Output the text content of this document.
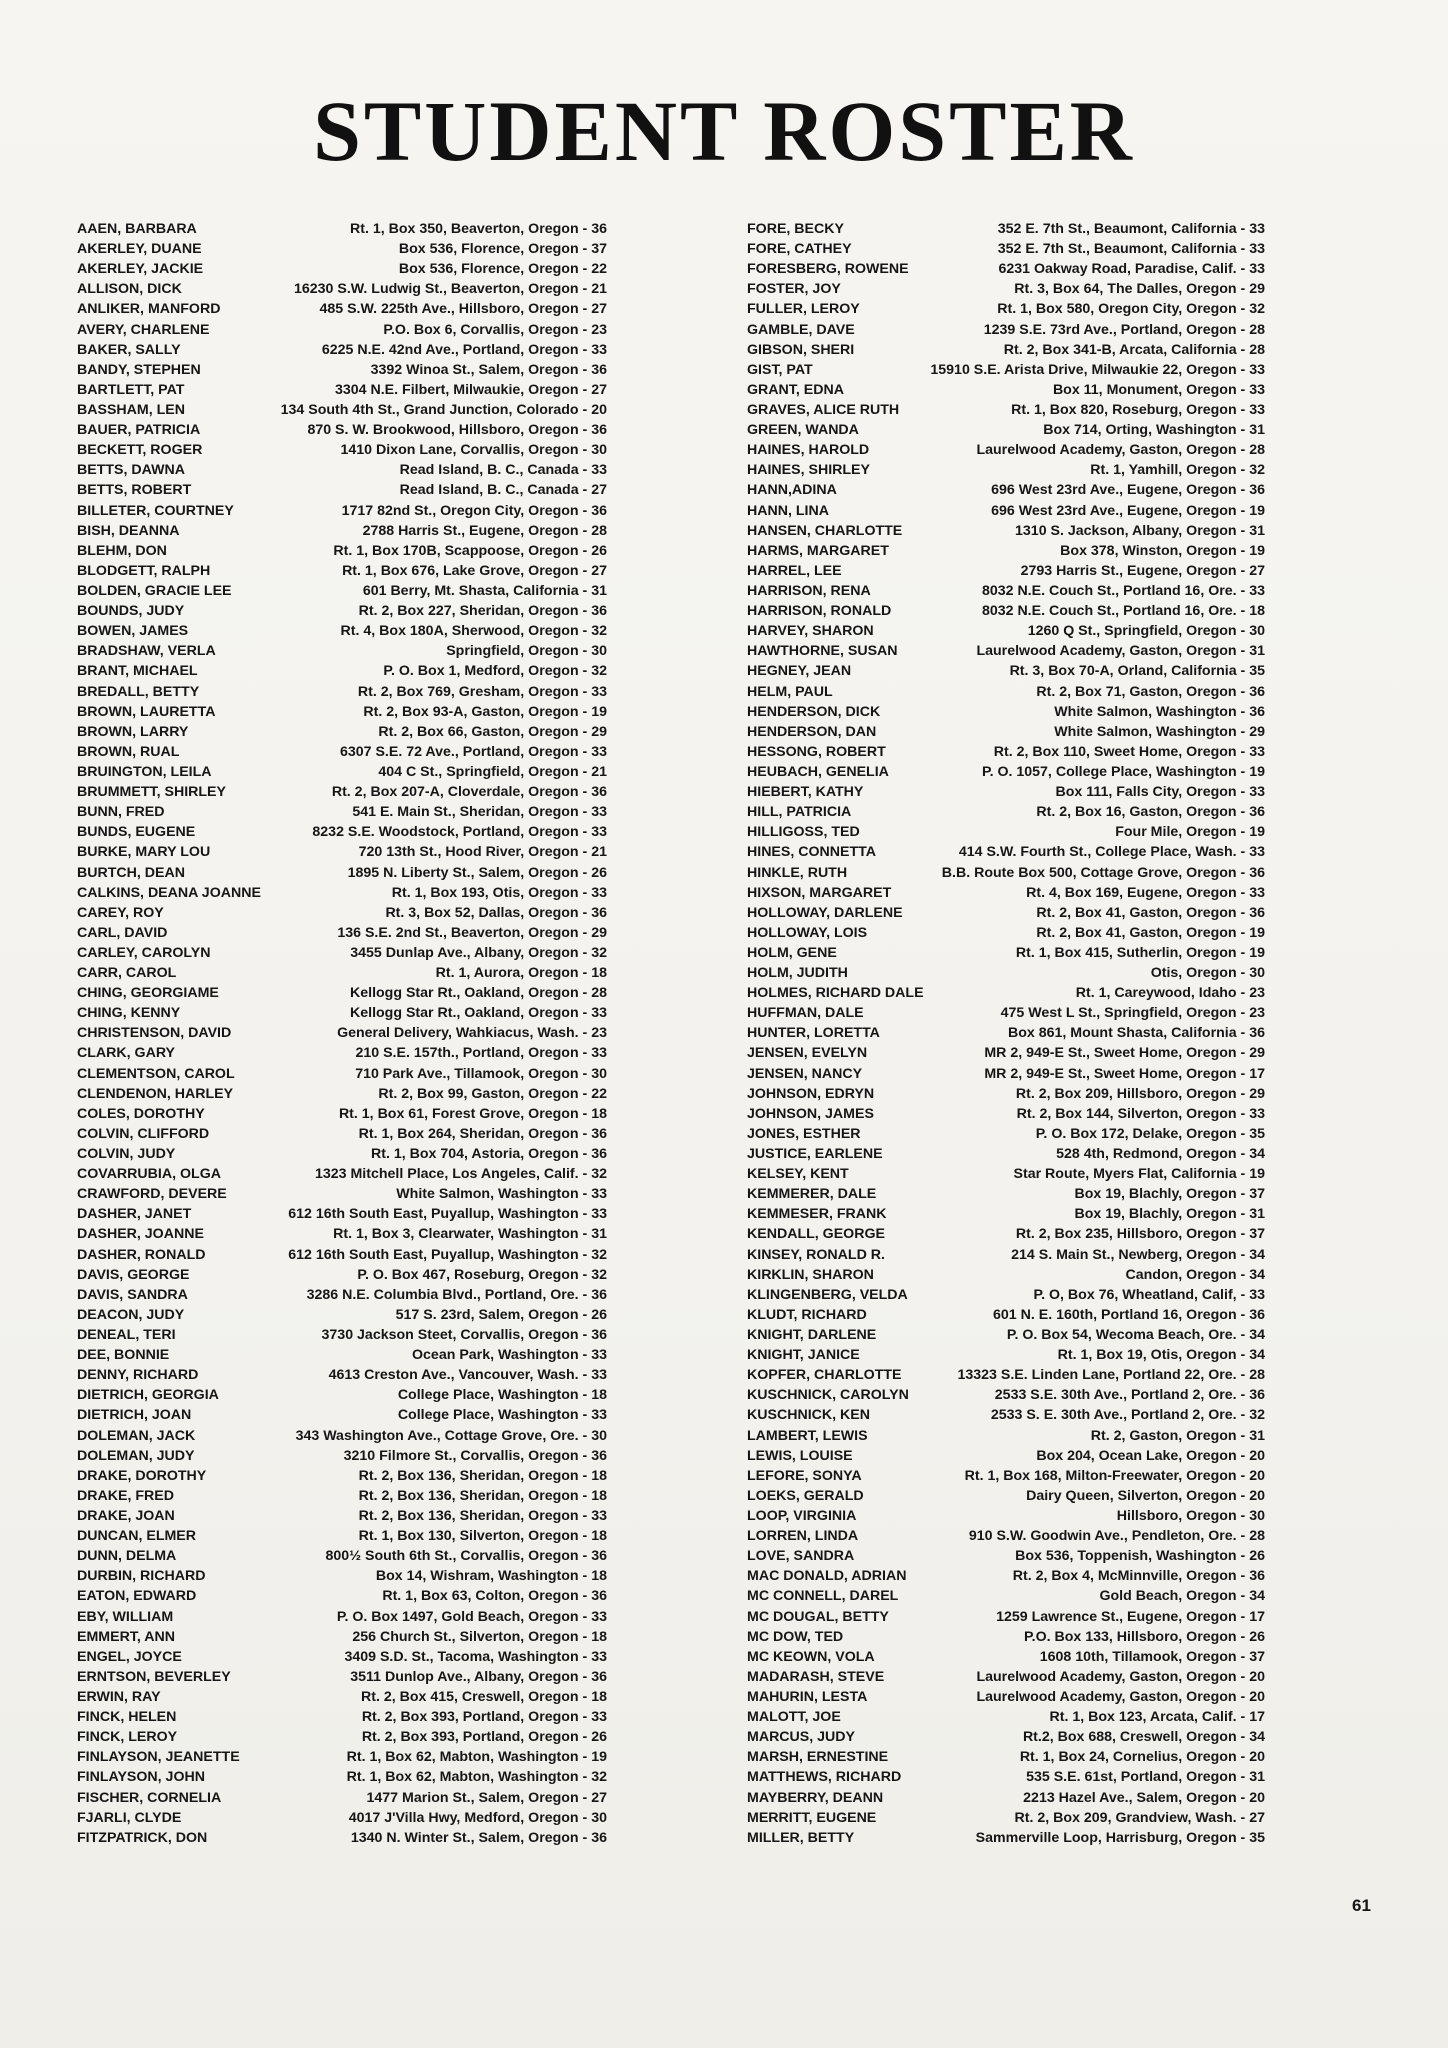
STUDENT ROSTER
AAEN, BARBARA	Rt. 1, Box 350, Beaverton, Oregon - 36
AKERLEY, DUANE	Box 536, Florence, Oregon - 37
AKERLEY, JACKIE	Box 536, Florence, Oregon - 22
ALLISON, DICK	16230 S.W. Ludwig St., Beaverton, Oregon - 21
ANLIKER, MANFORD	485 S.W. 225th Ave., Hillsboro, Oregon - 27
AVERY, CHARLENE	P.O. Box 6, Corvallis, Oregon - 23
BAKER, SALLY	6225 N.E. 42nd Ave., Portland, Oregon - 33
BANDY, STEPHEN	3392 Winoa St., Salem, Oregon - 36
BARTLETT, PAT	3304 N.E. Filbert, Milwaukie, Oregon - 27
BASSHAM, LEN	134 South 4th St., Grand Junction, Colorado - 20
BAUER, PATRICIA	870 S. W. Brookwood, Hillsboro, Oregon - 36
BECKETT, ROGER	1410 Dixon Lane, Corvallis, Oregon - 30
BETTS, DAWNA	Read Island, B. C., Canada - 33
BETTS, ROBERT	Read Island, B. C., Canada - 27
BILLETER, COURTNEY	1717 82nd St., Oregon City, Oregon - 36
BISH, DEANNA	2788 Harris St., Eugene, Oregon - 28
BLEHM, DON	Rt. 1, Box 170B, Scappoose, Oregon - 26
BLODGETT, RALPH	Rt. 1, Box 676, Lake Grove, Oregon - 27
BOLDEN, GRACIE LEE	601 Berry, Mt. Shasta, California - 31
BOUNDS, JUDY	Rt. 2, Box 227, Sheridan, Oregon - 36
BOWEN, JAMES	Rt. 4, Box 180A, Sherwood, Oregon - 32
BRADSHAW, VERLA	Springfield, Oregon - 30
BRANT, MICHAEL	P. O. Box 1, Medford, Oregon - 32
BREDALL, BETTY	Rt. 2, Box 769, Gresham, Oregon - 33
BROWN, LAURETTA	Rt. 2, Box 93-A, Gaston, Oregon - 19
BROWN, LARRY	Rt. 2, Box 66, Gaston, Oregon - 29
BROWN, RUAL	6307 S.E. 72 Ave., Portland, Oregon - 33
BRUINGTON, LEILA	404 C St., Springfield, Oregon - 21
BRUMMETT, SHIRLEY	Rt. 2, Box 207-A, Cloverdale, Oregon - 36
BUNN, FRED	541 E. Main St., Sheridan, Oregon - 33
BUNDS, EUGENE	8232 S.E. Woodstock, Portland, Oregon - 33
BURKE, MARY LOU	720 13th St., Hood River, Oregon - 21
BURTCH, DEAN	1895 N. Liberty St., Salem, Oregon - 26
CALKINS, DEANA JOANNE	Rt. 1, Box 193, Otis, Oregon - 33
CAREY, ROY	Rt. 3, Box 52, Dallas, Oregon - 36
CARL, DAVID	136 S.E. 2nd St., Beaverton, Oregon - 29
CARLEY, CAROLYN	3455 Dunlap Ave., Albany, Oregon - 32
CARR, CAROL	Rt. 1, Aurora, Oregon - 18
CHING, GEORGIAME	Kellogg Star Rt., Oakland, Oregon - 28
CHING, KENNY	Kellogg Star Rt., Oakland, Oregon - 33
CHRISTENSON, DAVID	General Delivery, Wahkiacus, Wash. - 23
CLARK, GARY	210 S.E. 157th., Portland, Oregon - 33
CLEMENTSON, CAROL	710 Park Ave., Tillamook, Oregon - 30
CLENDENON, HARLEY	Rt. 2, Box 99, Gaston, Oregon - 22
COLES, DOROTHY	Rt. 1, Box 61, Forest Grove, Oregon - 18
COLVIN, CLIFFORD	Rt. 1, Box 264, Sheridan, Oregon - 36
COLVIN, JUDY	Rt. 1, Box 704, Astoria, Oregon - 36
COVARRUBIA, OLGA	1323 Mitchell Place, Los Angeles, Calif. - 32
CRAWFORD, DEVERE	White Salmon, Washington - 33
DASHER, JANET	612 16th South East, Puyallup, Washington - 33
DASHER, JOANNE	Rt. 1, Box 3, Clearwater, Washington - 31
DASHER, RONALD	612 16th South East, Puyallup, Washington - 32
DAVIS, GEORGE	P. O. Box 467, Roseburg, Oregon - 32
DAVIS, SANDRA	3286 N.E. Columbia Blvd., Portland, Ore. - 36
DEACON, JUDY	517 S. 23rd, Salem, Oregon - 26
DENEAL, TERI	3730 Jackson Steet, Corvallis, Oregon - 36
DEE, BONNIE	Ocean Park, Washington - 33
DENNY, RICHARD	4613 Creston Ave., Vancouver, Wash. - 33
DIETRICH, GEORGIA	College Place, Washington - 18
DIETRICH, JOAN	College Place, Washington - 33
DOLEMAN, JACK	343 Washington Ave., Cottage Grove, Ore. - 30
DOLEMAN, JUDY	3210 Filmore St., Corvallis, Oregon - 36
DRAKE, DOROTHY	Rt. 2, Box 136, Sheridan, Oregon - 18
DRAKE, FRED	Rt. 2, Box 136, Sheridan, Oregon - 18
DRAKE, JOAN	Rt. 2, Box 136, Sheridan, Oregon - 33
DUNCAN, ELMER	Rt. 1, Box 130, Silverton, Oregon - 18
DUNN, DELMA	800½ South 6th St., Corvallis, Oregon - 36
DURBIN, RICHARD	Box 14, Wishram, Washington - 18
EATON, EDWARD	Rt. 1, Box 63, Colton, Oregon - 36
EBY, WILLIAM	P. O. Box 1497, Gold Beach, Oregon - 33
EMMERT, ANN	256 Church St., Silverton, Oregon - 18
ENGEL, JOYCE	3409 S.D. St., Tacoma, Washington - 33
ERNTSON, BEVERLEY	3511 Dunlop Ave., Albany, Oregon - 36
ERWIN, RAY	Rt. 2, Box 415, Creswell, Oregon - 18
FINCK, HELEN	Rt. 2, Box 393, Portland, Oregon - 33
FINCK, LEROY	Rt. 2, Box 393, Portland, Oregon - 26
FINLAYSON, JEANETTE	Rt. 1, Box 62, Mabton, Washington - 19
FINLAYSON, JOHN	Rt. 1, Box 62, Mabton, Washington - 32
FISCHER, CORNELIA	1477 Marion St., Salem, Oregon - 27
FJARLI, CLYDE	4017 J'Villa Hwy, Medford, Oregon - 30
FITZPATRICK, DON	1340 N. Winter St., Salem, Oregon - 36
FORE, BECKY	352 E. 7th St., Beaumont, California - 33
FORE, CATHEY	352 E. 7th St., Beaumont, California - 33
FORESBERG, ROWENE	6231 Oakway Road, Paradise, Calif. - 33
FOSTER, JOY	Rt. 3, Box 64, The Dalles, Oregon - 29
FULLER, LEROY	Rt. 1, Box 580, Oregon City, Oregon - 32
GAMBLE, DAVE	1239 S.E. 73rd Ave., Portland, Oregon - 28
GIBSON, SHERI	Rt. 2, Box 341-B, Arcata, California - 28
GIST, PAT	15910 S.E. Arista Drive, Milwaukie 22, Oregon - 33
GRANT, EDNA	Box 11, Monument, Oregon - 33
GRAVES, ALICE RUTH	Rt. 1, Box 820, Roseburg, Oregon - 33
GREEN, WANDA	Box 714, Orting, Washington - 31
HAINES, HAROLD	Laurelwood Academy, Gaston, Oregon - 28
HAINES, SHIRLEY	Rt. 1, Yamhill, Oregon - 32
HANN,ADINA	696 West 23rd Ave., Eugene, Oregon - 36
HANN, LINA	696 West 23rd Ave., Eugene, Oregon - 19
HANSEN, CHARLOTTE	1310 S. Jackson, Albany, Oregon - 31
HARMS, MARGARET	Box 378, Winston, Oregon - 19
HARREL, LEE	2793 Harris St., Eugene, Oregon - 27
HARRISON, RENA	8032 N.E. Couch St., Portland 16, Ore. - 33
HARRISON, RONALD	8032 N.E. Couch St., Portland 16, Ore. - 18
HARVEY, SHARON	1260 Q St., Springfield, Oregon - 30
HAWTHORNE, SUSAN	Laurelwood Academy, Gaston, Oregon - 31
HEGNEY, JEAN	Rt. 3, Box 70-A, Orland, California - 35
HELM, PAUL	Rt. 2, Box 71, Gaston, Oregon - 36
HENDERSON, DICK	White Salmon, Washington - 36
HENDERSON, DAN	White Salmon, Washington - 29
HESSONG, ROBERT	Rt. 2, Box 110, Sweet Home, Oregon - 33
HEUBACH, GENELIA	P. O. 1057, College Place, Washington - 19
HIEBERT, KATHY	Box 111, Falls City, Oregon - 33
HILL, PATRICIA	Rt. 2, Box 16, Gaston, Oregon - 36
HILLIGOSS, TED	Four Mile, Oregon - 19
HINES, CONNETTA	414 S.W. Fourth St., College Place, Wash. - 33
HINKLE, RUTH	B.B. Route Box 500, Cottage Grove, Oregon - 36
HIXSON, MARGARET	Rt. 4, Box 169, Eugene, Oregon - 33
HOLLOWAY, DARLENE	Rt. 2, Box 41, Gaston, Oregon - 36
HOLLOWAY, LOIS	Rt. 2, Box 41, Gaston, Oregon - 19
HOLM, GENE	Rt. 1, Box 415, Sutherlin, Oregon - 19
HOLM, JUDITH	Otis, Oregon - 30
HOLMES, RICHARD DALE	Rt. 1, Careywood, Idaho - 23
HUFFMAN, DALE	475 West L St., Springfield, Oregon - 23
HUNTER, LORETTA	Box 861, Mount Shasta, California - 36
JENSEN, EVELYN	MR 2, 949-E St., Sweet Home, Oregon - 29
JENSEN, NANCY	MR 2, 949-E St., Sweet Home, Oregon - 17
JOHNSON, EDRYN	Rt. 2, Box 209, Hillsboro, Oregon - 29
JOHNSON, JAMES	Rt. 2, Box 144, Silverton, Oregon - 33
JONES, ESTHER	P. O. Box 172, Delake, Oregon - 35
JUSTICE, EARLENE	528 4th, Redmond, Oregon - 34
KELSEY, KENT	Star Route, Myers Flat, California - 19
KEMMERER, DALE	Box 19, Blachly, Oregon - 37
KEMMESER, FRANK	Box 19, Blachly, Oregon - 31
KENDALL, GEORGE	Rt. 2, Box 235, Hillsboro, Oregon - 37
KINSEY, RONALD R.	214 S. Main St., Newberg, Oregon - 34
KIRKLIN, SHARON	Candon, Oregon - 34
KLINGENBERG, VELDA	P. O, Box 76, Wheatland, Calif, - 33
KLUDT, RICHARD	601 N. E. 160th, Portland 16, Oregon - 36
KNIGHT, DARLENE	P. O. Box 54, Wecoma Beach, Ore. - 34
KNIGHT, JANICE	Rt. 1, Box 19, Otis, Oregon - 34
KOPFER, CHARLOTTE	13323 S.E. Linden Lane, Portland 22, Ore. - 28
KUSCHNICK, CAROLYN	2533 S.E. 30th Ave., Portland 2, Ore. - 36
KUSCHNICK, KEN	2533 S. E. 30th Ave., Portland 2, Ore. - 32
LAMBERT, LEWIS	Rt. 2, Gaston, Oregon - 31
LEWIS, LOUISE	Box 204, Ocean Lake, Oregon - 20
LEFORE, SONYA	Rt. 1, Box 168, Milton-Freewater, Oregon - 20
LOEKS, GERALD	Dairy Queen, Silverton, Oregon - 20
LOOP, VIRGINIA	Hillsboro, Oregon - 30
LORREN, LINDA	910 S.W. Goodwin Ave., Pendleton, Ore. - 28
LOVE, SANDRA	Box 536, Toppenish, Washington - 26
MAC DONALD, ADRIAN	Rt. 2, Box 4, McMinnville, Oregon - 36
MC CONNELL, DAREL	Gold Beach, Oregon - 34
MC DOUGAL, BETTY	1259 Lawrence St., Eugene, Oregon - 17
MC DOW, TED	P.O. Box 133, Hillsboro, Oregon - 26
MC KEOWN, VOLA	1608 10th, Tillamook, Oregon - 37
MADARASH, STEVE	Laurelwood Academy, Gaston, Oregon - 20
MAHURIN, LESTA	Laurelwood Academy, Gaston, Oregon - 20
MALOTT, JOE	Rt. 1, Box 123, Arcata, Calif. - 17
MARCUS, JUDY	Rt.2, Box 688, Creswell, Oregon - 34
MARSH, ERNESTINE	Rt. 1, Box 24, Cornelius, Oregon - 20
MATTHEWS, RICHARD	535 S.E. 61st, Portland, Oregon - 31
MAYBERRY, DEANN	2213 Hazel Ave., Salem, Oregon - 20
MERRITT, EUGENE	Rt. 2, Box 209, Grandview, Wash. - 27
MILLER, BETTY	Sammerville Loop, Harrisburg, Oregon - 35
61
